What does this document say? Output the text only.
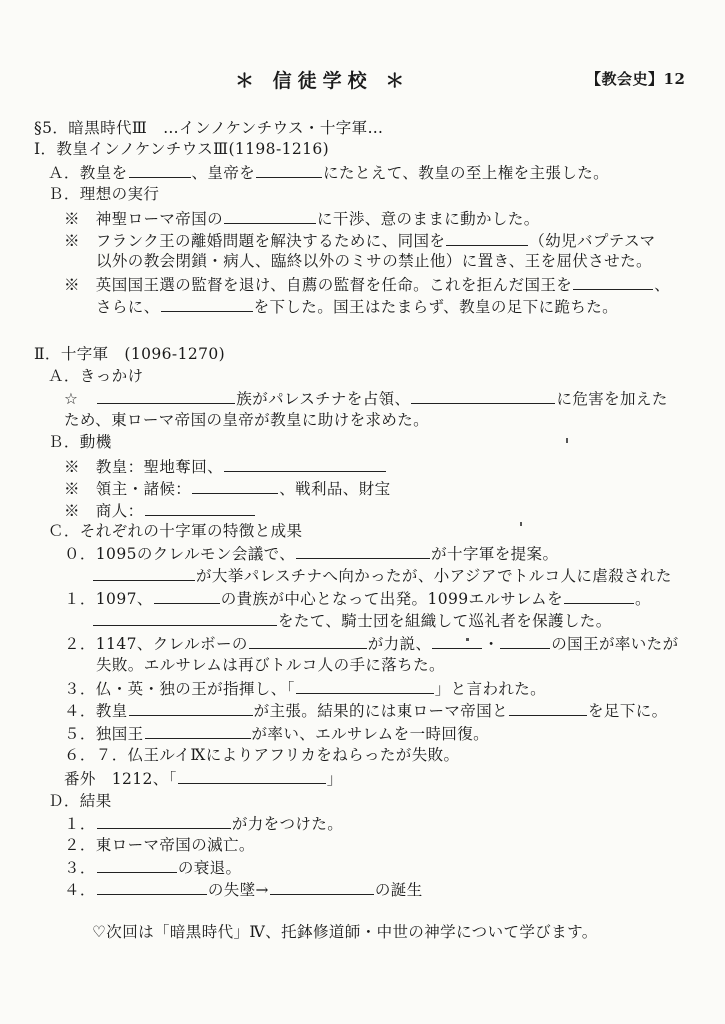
＊ 信徒学校 ＊	【教会史】12
§5．暗黒時代Ⅲ　…インノケンチウス・十字軍…
Ⅰ．教皇インノケンチウスⅢ(1198-1216)
Ａ．教皇を	、皇帝を	にたとえて、教皇の至上権を主張した。
Ｂ．理想の実行
※　神聖ローマ帝国の	に干渉、意のままに動かした。
※　フランク王の離婚問題を解決するために、同国を	（幼児バプテスマ
以外の教会閉鎖・病人、臨終以外のミサの禁止他）に置き、王を屈伏させた。
※　英国国王選の監督を退け、自薦の監督を任命。これを拒んだ国王を	、
さらに、	を下した。国王はたまらず、教皇の足下に跪ちた。
Ⅱ．十字軍　(1096-1270)
Ａ．きっかけ
☆	族がパレスチナを占領、	に危害を加えた
ため、東ローマ帝国の皇帝が教皇に助けを求めた。
Ｂ．動機
※　教皇：聖地奪回、
※　領主・諸候：	、戦利品、財宝
※　商人：
Ｃ．それぞれの十字軍の特徴と成果
０．1095のクレルモン会議で、	が十字軍を提案。
が大挙パレスチナへ向かったが、小アジアでトルコ人に虐殺された
１．1097、	の貴族が中心となって出発。1099エルサレムを	。
をたて、騎士団を組織して巡礼者を保護した。
２．1147、クレルボーの	が力説、	・	の国王が率いたが
失敗。エルサレムは再びトルコ人の手に落ちた。
３．仏・英・独の王が指揮し、「	」と言われた。
４．教皇	が主張。結果的には東ローマ帝国と	を足下に。
５．独国王	が率い、エルサレムを一時回復。
６．７．仏王ルイⅨによりアフリカをねらったが失敗。
番外　1212、「	」
Ｄ．結果
１．	が力をつけた。
２．東ローマ帝国の滅亡。
３．	の衰退。
４．	の失墜→	の誕生
♡次回は「暗黒時代」Ⅳ、托鉢修道師・中世の神学について学びます。
